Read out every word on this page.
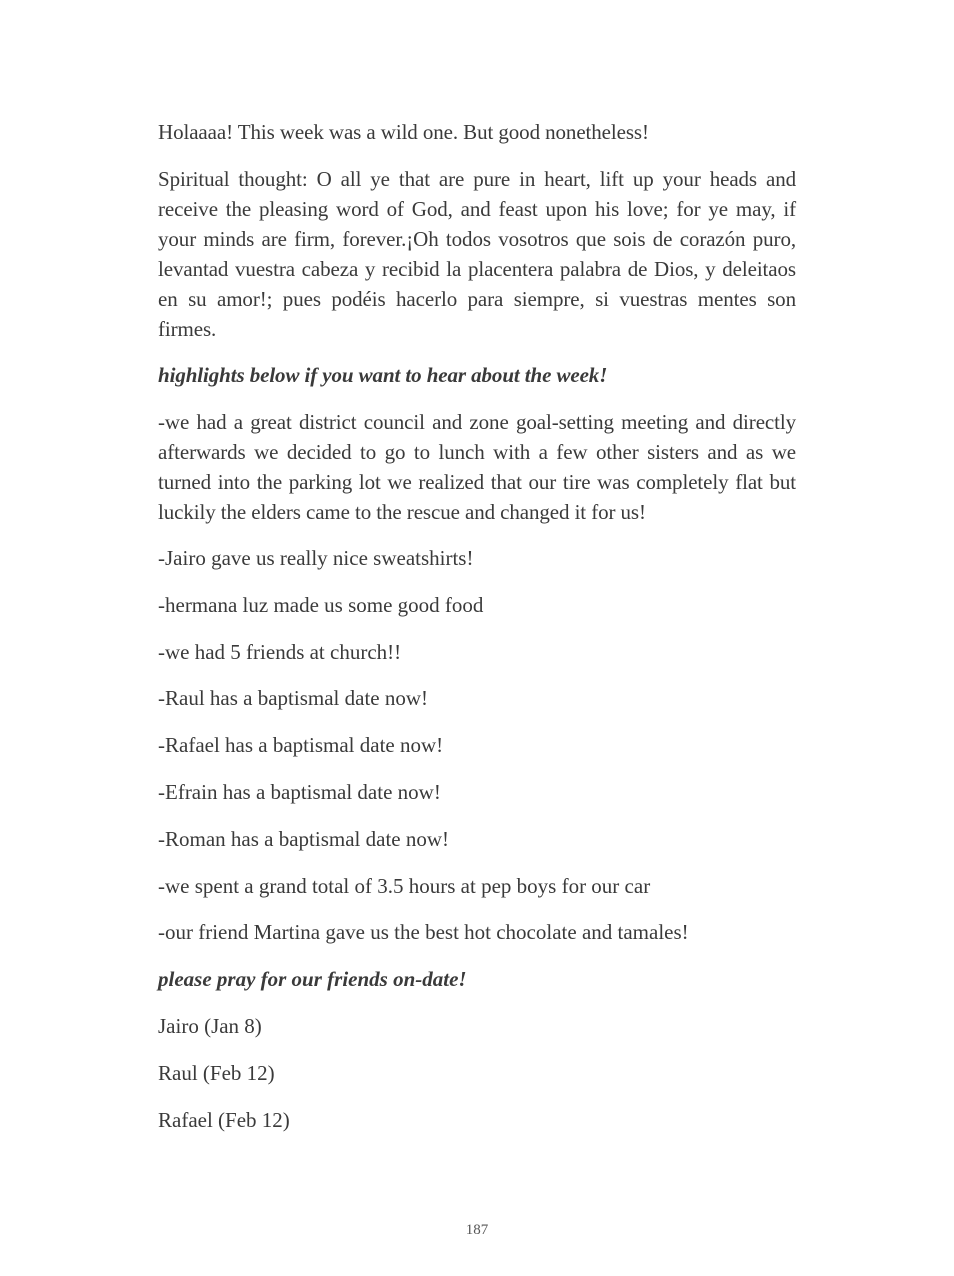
Holaaaa! This week was a wild one. But good nonetheless!

Spiritual thought: O all ye that are pure in heart, lift up your heads and receive the pleasing word of God, and feast upon his love; for ye may, if your minds are firm, forever.¡Oh todos vosotros que sois de corazón puro, levantad vuestra cabeza y recibid la placentera palabra de Dios, y deleitaos en su amor!; pues podéis hacerlo para siempre, si vuestras mentes son firmes.

highlights below if you want to hear about the week!

-we had a great district council and zone goal-setting meeting and directly afterwards we decided to go to lunch with a few other sisters and as we turned into the parking lot we realized that our tire was completely flat but luckily the elders came to the rescue and changed it for us!

-Jairo gave us really nice sweatshirts!

-hermana luz made us some good food

-we had 5 friends at church!!

-Raul has a baptismal date now!

-Rafael has a baptismal date now!

-Efrain has a baptismal date now!

-Roman has a baptismal date now!

-we spent a grand total of 3.5 hours at pep boys for our car

-our friend Martina gave us the best hot chocolate and tamales!

please pray for our friends on-date!

Jairo (Jan 8)

Raul (Feb 12)

Rafael (Feb 12)

187
